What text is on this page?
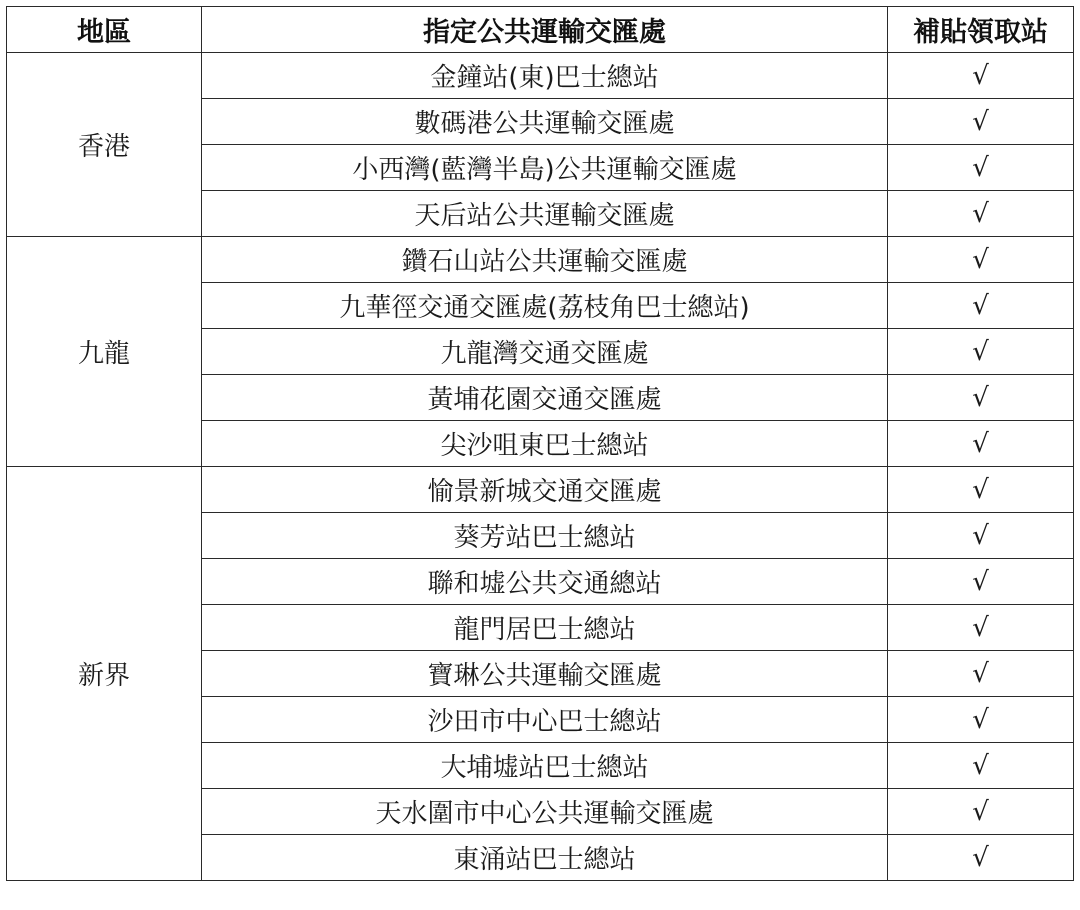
地區	指定公共運輸交匯處	補貼領取站
香港	金鐘站(東)巴士總站	√
	數碼港公共運輸交匯處	√
	小西灣(藍灣半島)公共運輸交匯處	√
	天后站公共運輸交匯處	√
九龍	鑽石山站公共運輸交匯處	√
	九華徑交通交匯處(荔枝角巴士總站)	√
	九龍灣交通交匯處	√
	黃埔花園交通交匯處	√
	尖沙咀東巴士總站	√
新界	愉景新城交通交匯處	√
	葵芳站巴士總站	√
	聯和墟公共交通總站	√
	龍門居巴士總站	√
	寶琳公共運輸交匯處	√
	沙田市中心巴士總站	√
	大埔墟站巴士總站	√
	天水圍市中心公共運輸交匯處	√
	東涌站巴士總站	√
